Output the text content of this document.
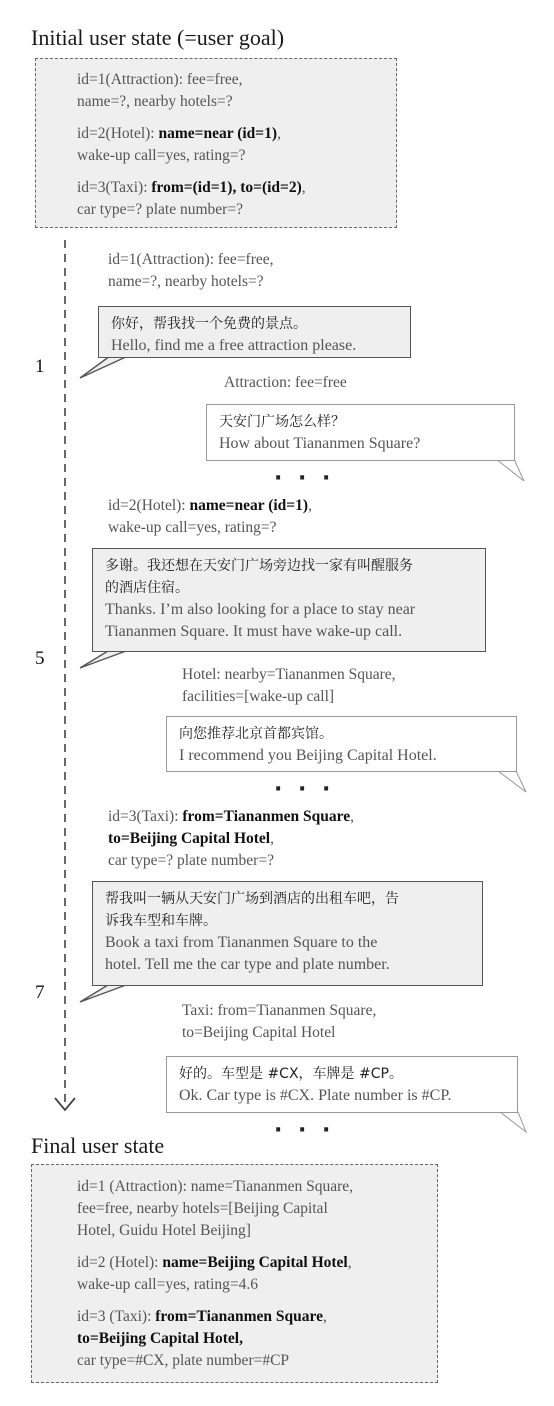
Initial user state (=user goal)
id=1(Attraction): fee=free,
name=?, nearby hotels=?
id=2(Hotel): name=near (id=1),
wake-up call=yes, rating=?
id=3(Taxi): from=(id=1), to=(id=2),
car type=? plate number=?
id=1(Attraction): fee=free,
name=?, nearby hotels=?
你好，帮我找一个免费的景点。
Hello, find me a free attraction please.
1
Attraction: fee=free
天安门广场怎么样？
How about Tiananmen Square?
· · ·
id=2(Hotel): name=near (id=1),
wake-up call=yes, rating=?
多谢。我还想在天安门广场旁边找一家有叫醒服务
的酒店住宿。
Thanks. I’m also looking for a place to stay near
Tiananmen Square. It must have wake-up call.
5
Hotel: nearby=Tiananmen Square,
facilities=[wake-up call]
向您推荐北京首都宾馆。
I recommend you Beijing Capital Hotel.
· · ·
id=3(Taxi): from=Tiananmen Square,
to=Beijing Capital Hotel,
car type=? plate number=?
帮我叫一辆从天安门广场到酒店的出租车吧，告
诉我车型和车牌。
Book a taxi from Tiananmen Square to the
hotel. Tell me the car type and plate number.
7
Taxi: from=Tiananmen Square,
to=Beijing Capital Hotel
好的。车型是 #CX，车牌是 #CP。
Ok. Car type is #CX. Plate number is #CP.
· · ·
Final user state
id=1 (Attraction): name=Tiananmen Square,
fee=free, nearby hotels=[Beijing Capital
Hotel, Guidu Hotel Beijing]
id=2 (Hotel): name=Beijing Capital Hotel,
wake-up call=yes, rating=4.6
id=3 (Taxi): from=Tiananmen Square,
to=Beijing Capital Hotel,
car type=#CX, plate number=#CP
